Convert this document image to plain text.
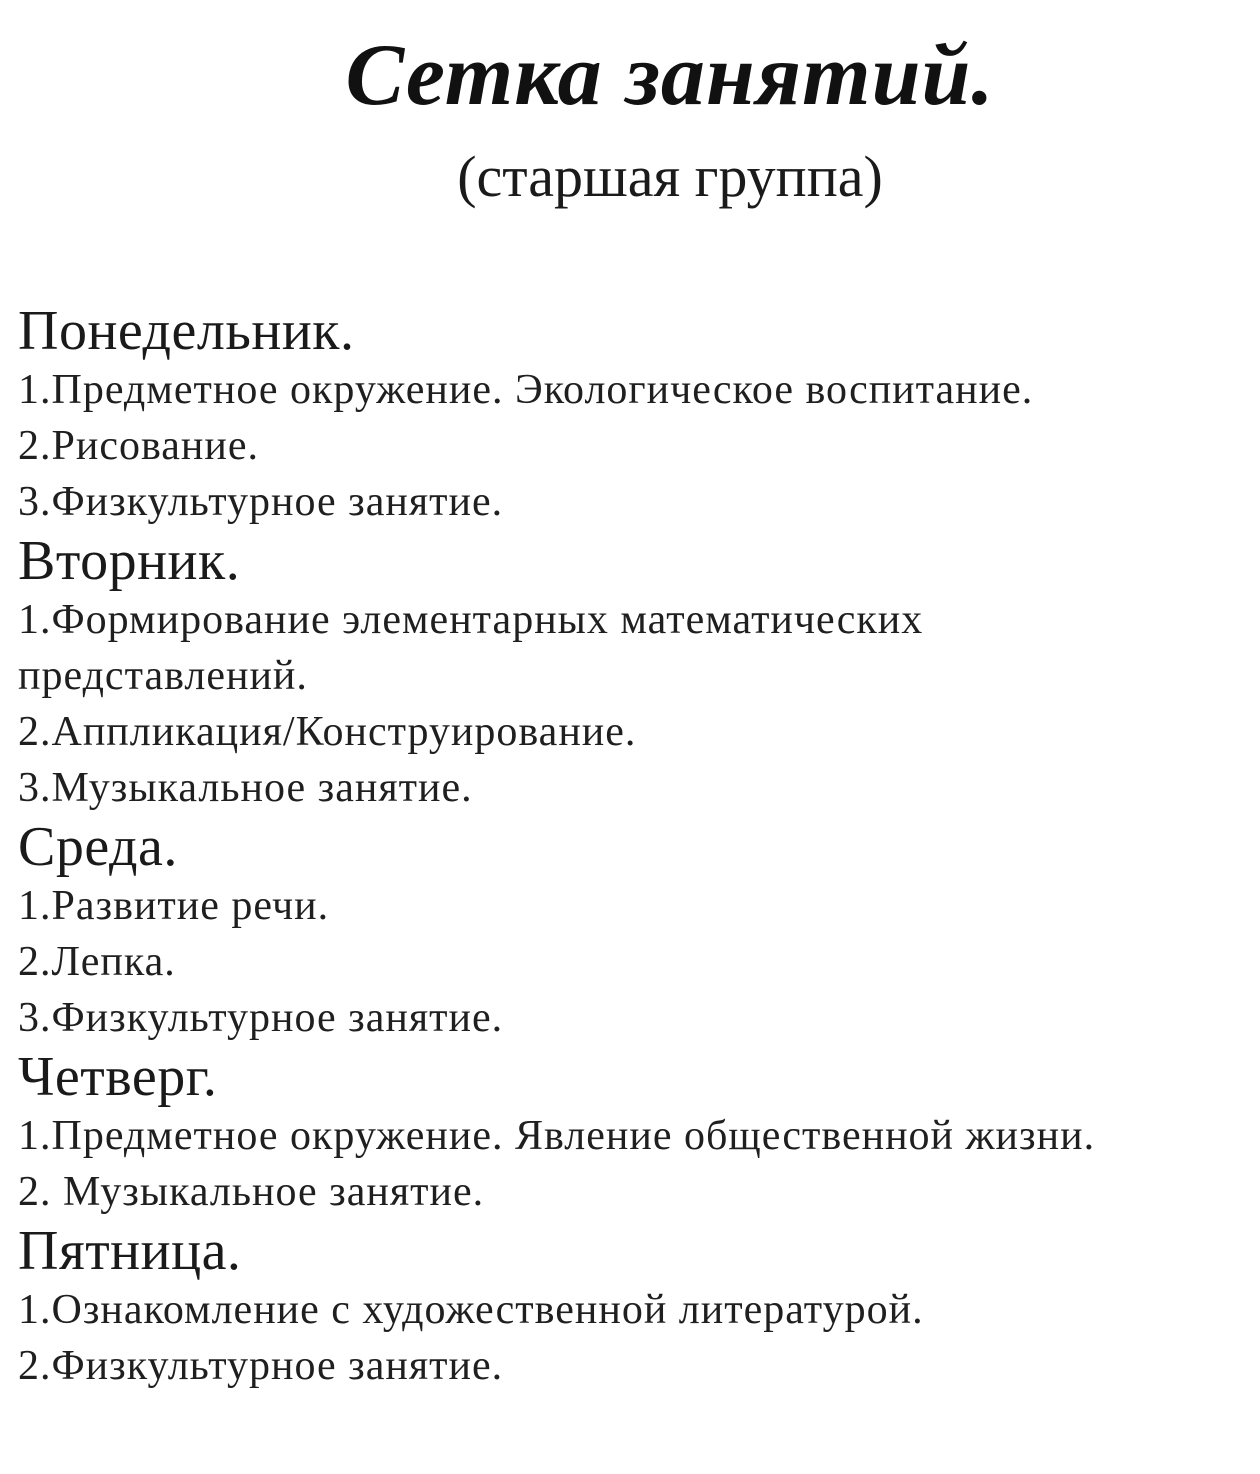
Сетка занятий.
(старшая группа)
Понедельник.
1.Предметное окружение. Экологическое воспитание.
2.Рисование.
3.Физкультурное занятие.
Вторник.
1.Формирование элементарных математических представлений.
2.Аппликация/Конструирование.
3.Музыкальное занятие.
Среда.
1.Развитие речи.
2.Лепка.
3.Физкультурное занятие.
Четверг.
1.Предметное окружение. Явление общественной жизни.
2. Музыкальное занятие.
Пятница.
1.Ознакомление с художественной литературой.
2.Физкультурное занятие.
